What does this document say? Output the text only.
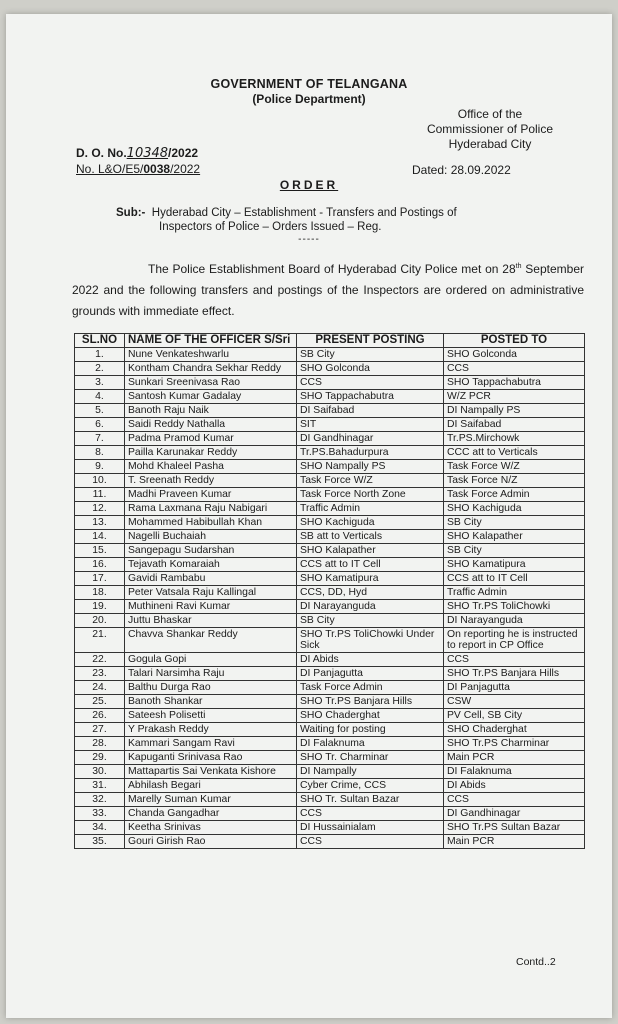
GOVERNMENT OF TELANGANA
(Police Department)
Office of the
Commissioner of Police
Hyderabad City
D. O. No.10348/2022
No. L&O/E5/0038/2022	Dated: 28.09.2022
ORDER
Sub:- Hyderabad City – Establishment - Transfers and Postings of
Inspectors of Police – Orders Issued – Reg.
-----
The Police Establishment Board of Hyderabad City Police met on 28th September 2022 and the following transfers and postings of the Inspectors are ordered on administrative grounds with immediate effect.
SL.NO	NAME OF THE OFFICER S/Sri	PRESENT POSTING	POSTED TO
1.	Nune Venkateshwarlu	SB City	SHO Golconda
2.	Kontham Chandra Sekhar Reddy	SHO Golconda	CCS
3.	Sunkari Sreenivasa Rao	CCS	SHO Tappachabutra
4.	Santosh Kumar Gadalay	SHO Tappachabutra	W/Z PCR
5.	Banoth Raju Naik	DI Saifabad	DI Nampally PS
6.	Saidi Reddy Nathalla	SIT	DI Saifabad
7.	Padma Pramod Kumar	DI Gandhinagar	Tr.PS.Mirchowk
8.	Pailla Karunakar Reddy	Tr.PS.Bahadurpura	CCC att to Verticals
9.	Mohd Khaleel Pasha	SHO Nampally PS	Task Force W/Z
10.	T. Sreenath Reddy	Task Force W/Z	Task Force N/Z
11.	Madhi Praveen Kumar	Task Force North Zone	Task Force Admin
12.	Rama Laxmana Raju Nabigari	Traffic Admin	SHO Kachiguda
13.	Mohammed Habibullah Khan	SHO Kachiguda	SB City
14.	Nagelli Buchaiah	SB att to Verticals	SHO Kalapather
15.	Sangepagu Sudarshan	SHO Kalapather	SB City
16.	Tejavath Komaraiah	CCS att to IT Cell	SHO Kamatipura
17.	Gavidi Rambabu	SHO Kamatipura	CCS att to IT Cell
18.	Peter Vatsala Raju Kallingal	CCS, DD, Hyd	Traffic Admin
19.	Muthineni Ravi Kumar	DI Narayanguda	SHO Tr.PS ToliChowki
20.	Juttu Bhaskar	SB City	DI Narayanguda
21.	Chavva Shankar Reddy	SHO Tr.PS ToliChowki Under Sick	On reporting he is instructed to report in CP Office
22.	Gogula Gopi	DI Abids	CCS
23.	Talari Narsimha Raju	DI Panjagutta	SHO Tr.PS Banjara Hills
24.	Balthu Durga Rao	Task Force Admin	DI Panjagutta
25.	Banoth Shankar	SHO Tr.PS Banjara Hills	CSW
26.	Sateesh Polisetti	SHO Chaderghat	PV Cell, SB City
27.	Y Prakash Reddy	Waiting for posting	SHO Chaderghat
28.	Kammari Sangam Ravi	DI Falaknuma	SHO Tr.PS Charminar
29.	Kapuganti Srinivasa Rao	SHO Tr. Charminar	Main PCR
30.	Mattapartis Sai Venkata Kishore	DI Nampally	DI Falaknuma
31.	Abhilash Begari	Cyber Crime, CCS	DI Abids
32.	Marelly Suman Kumar	SHO Tr. Sultan Bazar	CCS
33.	Chanda Gangadhar	CCS	DI Gandhinagar
34.	Keetha Srinivas	DI Hussainialam	SHO Tr.PS Sultan Bazar
35.	Gouri Girish Rao	CCS	Main PCR
Contd..2
